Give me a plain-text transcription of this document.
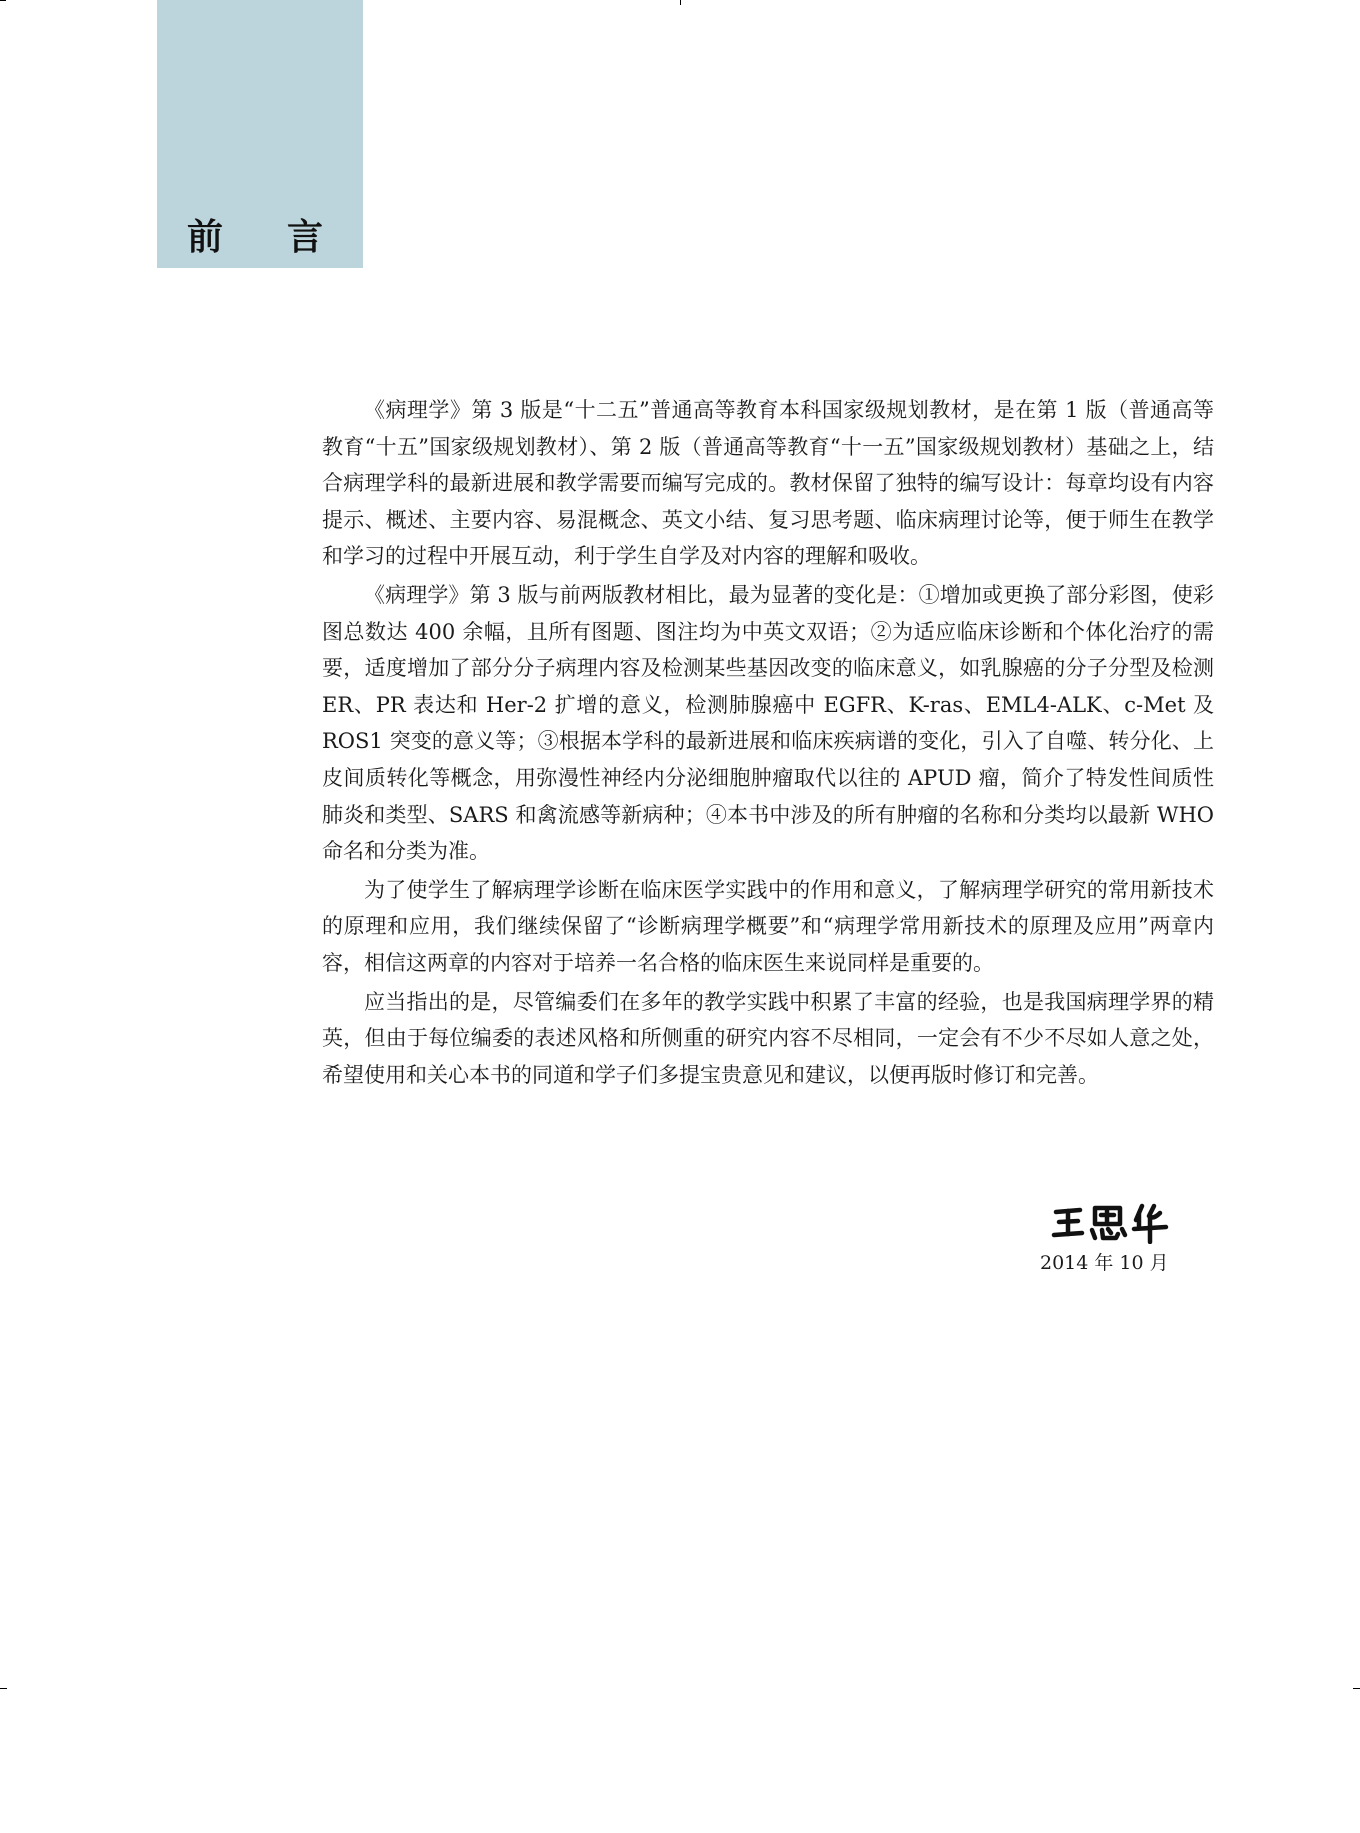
前言

《病理学》第 3 版是“十二五”普通高等教育本科国家级规划教材，是在第 1 版（普通高等教育“十五”国家级规划教材）、第 2 版（普通高等教育“十一五”国家级规划教材）基础之上，结合病理学科的最新进展和教学需要而编写完成的。教材保留了独特的编写设计：每章均设有内容提示、概述、主要内容、易混概念、英文小结、复习思考题、临床病理讨论等，便于师生在教学和学习的过程中开展互动，利于学生自学及对内容的理解和吸收。

《病理学》第 3 版与前两版教材相比，最为显著的变化是：①增加或更换了部分彩图，使彩图总数达 400 余幅，且所有图题、图注均为中英文双语；②为适应临床诊断和个体化治疗的需要，适度增加了部分分子病理内容及检测某些基因改变的临床意义，如乳腺癌的分子分型及检测 ER、PR 表达和 Her-2 扩增的意义，检测肺腺癌中 EGFR、K-ras、EML4-ALK、c-Met 及 ROS1 突变的意义等；③根据本学科的最新进展和临床疾病谱的变化，引入了自噬、转分化、上皮间质转化等概念，用弥漫性神经内分泌细胞肿瘤取代以往的 APUD 瘤，简介了特发性间质性肺炎和类型、SARS 和禽流感等新病种；④本书中涉及的所有肿瘤的名称和分类均以最新 WHO 命名和分类为准。

为了使学生了解病理学诊断在临床医学实践中的作用和意义，了解病理学研究的常用新技术的原理和应用，我们继续保留了“诊断病理学概要”和“病理学常用新技术的原理及应用”两章内容，相信这两章的内容对于培养一名合格的临床医生来说同样是重要的。

应当指出的是，尽管编委们在多年的教学实践中积累了丰富的经验，也是我国病理学界的精英，但由于每位编委的表述风格和所侧重的研究内容不尽相同，一定会有不少不尽如人意之处，希望使用和关心本书的同道和学子们多提宝贵意见和建议，以便再版时修订和完善。

2014 年 10 月
